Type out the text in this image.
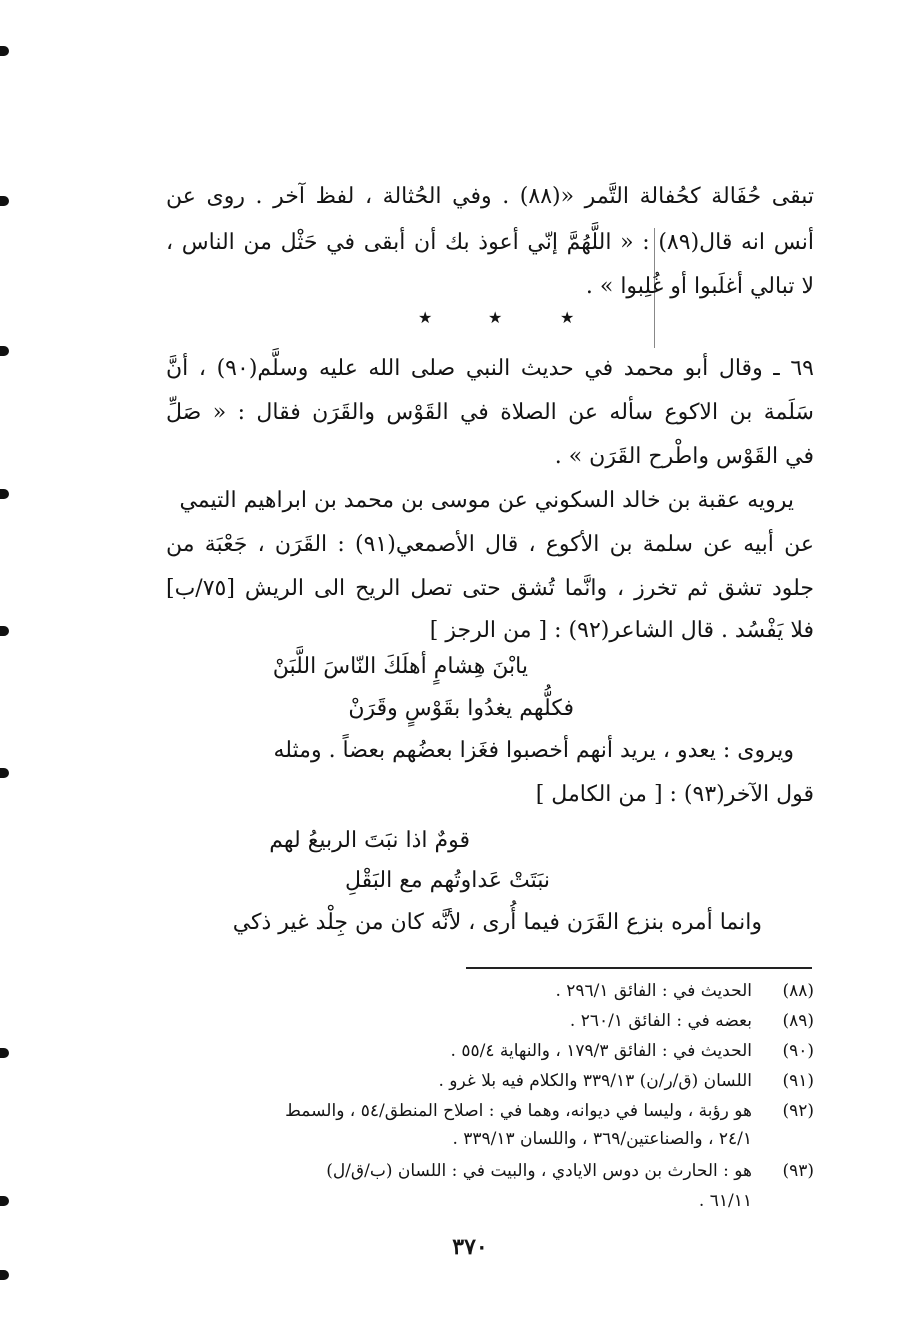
تبقى حُفَالة كحُفالة التَّمر «(٨٨) . وفي الحُثالة ، لفظ آخر . روى عن
أنس انه قال(٨٩) : « اللَّهُمَّ إنّي أعوذ بك أن أبقى في حَثْل من الناس ،
لا تبالي أغلَبوا أو غُلِبوا » .
★	★	★
٦٩ ـ وقال أبو محمد في حديث النبي صلى الله عليه وسلَّم(٩٠) ، أنَّ
سَلَمة بن الاكوع سأله عن الصلاة في القَوْس والقَرَن فقال : « صَلِّ
في القَوْس واطْرح القَرَن » .
يرويه عقبة بن خالد السكوني عن موسى بن محمد بن ابراهيم التيمي
عن أبيه عن سلمة بن الأكوع ، قال الأصمعي(٩١) : القَرَن ، جَعْبَة من
جلود تشق ثم تخرز ، وانَّما تُشق حتى تصل الريح الى الريش [٧٥/ب]
فلا يَفْسُد . قال الشاعر(٩٢) : [ من الرجز ]
يابْنَ هِشامٍ أهلَكَ النّاسَ اللَّبَنْ
فكلُّهم يغدُوا بقَوْسٍ وقَرَنْ
ويروى : يعدو ، يريد أنهم أخصبوا فغَزا بعضُهم بعضاً . ومثله
قول الآخر(٩٣) : [ من الكامل ]
قومٌ اذا نبَتَ الربيعُ لهم
نبَتَتْ عَداوتُهم مع البَقْلِ
وانما أمره بنزع القَرَن فيما أُرى ، لأنَّه كان من جِلْد غير ذكي
(٨٨)
الحديث في : الفائق ٢٩٦/١ .
(٨٩)
بعضه في : الفائق ٢٦٠/١ .
(٩٠)
الحديث في : الفائق ١٧٩/٣ ، والنهاية ٥٥/٤ .
(٩١)
اللسان (ق/ر/ن) ٣٣٩/١٣ والكلام فيه بلا غرو .
(٩٢)
هو رؤبة ، وليسا في ديوانه، وهما في : اصلاح المنطق/٥٤ ، والسمط
٢٤/١ ، والصناعتين/٣٦٩ ، واللسان ٣٣٩/١٣ .
(٩٣)
هو : الحارث بن دوس الايادي ، والبيت في : اللسان (ب/ق/ل)
٦١/١١ .
٣٧٠
